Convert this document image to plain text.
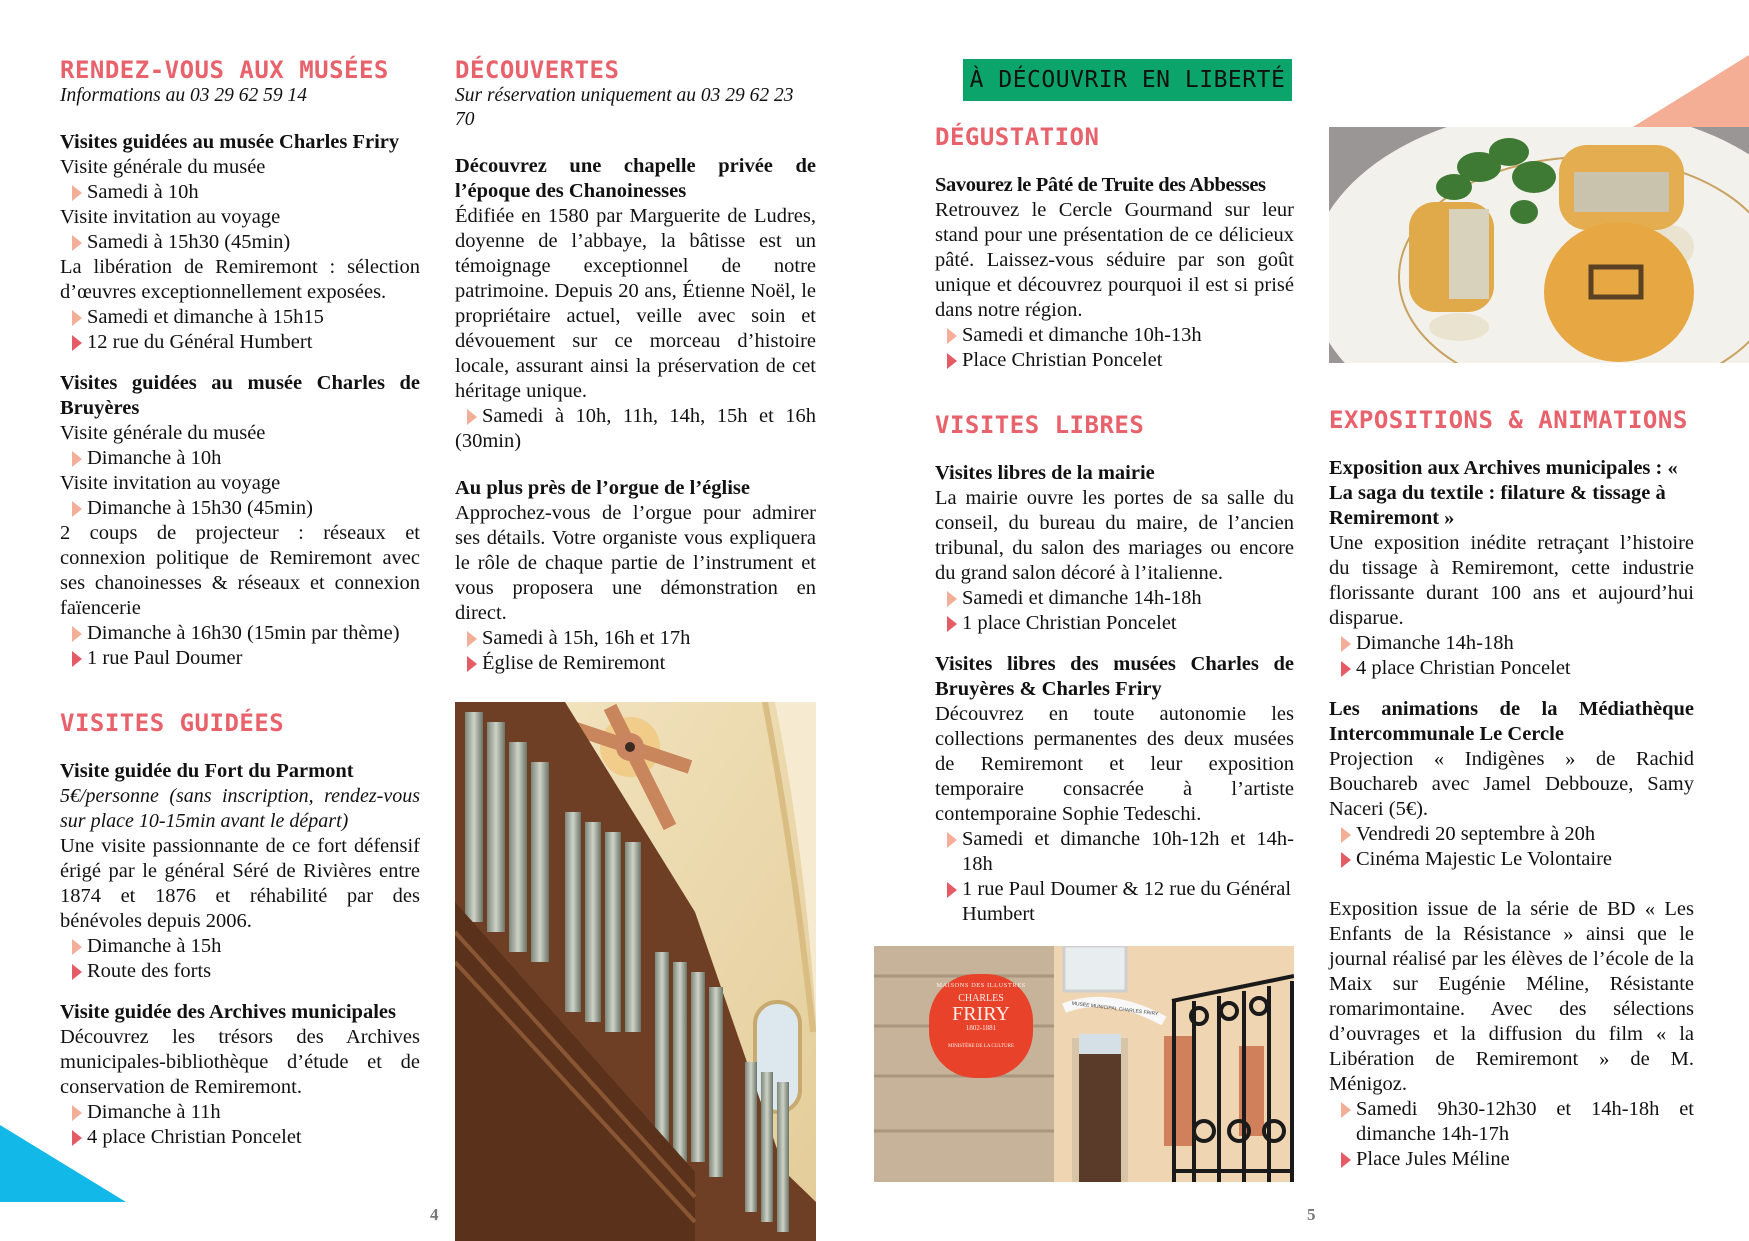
RENDEZ-VOUS AUX MUSÉES
Informations au 03 29 62 59 14
Visites guidées au musée Charles Friry
Visite générale du musée
Samedi à 10h
Visite invitation au voyage
Samedi à 15h30 (45min)
La libération de Remiremont : sélection d’œuvres exceptionnellement exposées.
Samedi et dimanche à 15h15
12 rue du Général Humbert
Visites guidées au musée Charles de Bruyères
Visite générale du musée
Dimanche à 10h
Visite invitation au voyage
Dimanche à 15h30 (45min)
2 coups de projecteur : réseaux et connexion politique de Remiremont avec ses chanoinesses & réseaux et connexion faïencerie
Dimanche à 16h30 (15min par thème)
1 rue Paul Doumer
VISITES GUIDÉES
Visite guidée du Fort du Parmont
5€/personne (sans inscription, rendez-vous sur place 10-15min avant le départ)
Une visite passionnante de ce fort défensif érigé par le général Séré de Rivières entre 1874 et 1876 et réhabilité par des bénévoles depuis 2006.
Dimanche à 15h
Route des forts
Visite guidée des Archives municipales
Découvrez les trésors des Archives municipales-bibliothèque d’étude et de conservation de Remiremont.
Dimanche à 11h
4 place Christian Poncelet
DÉCOUVERTES
Sur réservation uniquement au 03 29 62 23 70
Découvrez une chapelle privée de l’époque des Chanoinesses
Édifiée en 1580 par Marguerite de Ludres, doyenne de l’abbaye, la bâtisse est un témoignage exceptionnel de notre patrimoine. Depuis 20 ans, Étienne Noël, le propriétaire actuel, veille avec soin et dévouement sur ce morceau d’histoire locale, assurant ainsi la préservation de cet héritage unique.
Samedi à 10h, 11h, 14h, 15h et 16h (30min)
Au plus près de l’orgue de l’église
Approchez-vous de l’orgue pour admirer ses détails. Votre organiste vous expliquera le rôle de chaque partie de l’instrument et vous proposera une démonstration en direct.
Samedi à 15h, 16h et 17h
Église de Remiremont
4
À DÉCOUVRIR EN LIBERTÉ
DÉGUSTATION
Savourez le Pâté de Truite des Abbesses
Retrouvez le Cercle Gourmand sur leur stand pour une présentation de ce délicieux pâté. Laissez-vous séduire par son goût unique et découvrez pourquoi il est si prisé dans notre région.
Samedi et dimanche 10h-13h
Place Christian Poncelet
VISITES LIBRES
Visites libres de la mairie
La mairie ouvre les portes de sa salle du conseil, du bureau du maire, de l’ancien tribunal, du salon des mariages ou encore du grand salon décoré à l’italienne.
Samedi et dimanche 14h-18h
1 place Christian Poncelet
Visites libres des musées Charles de Bruyères & Charles Friry
Découvrez en toute autonomie les collections permanentes des deux musées de Remiremont et leur exposition temporaire consacrée à l’artiste contemporaine Sophie Tedeschi.
Samedi et dimanche 10h-12h et 14h-18h
1 rue Paul Doumer & 12 rue du Général Humbert
EXPOSITIONS & ANIMATIONS
Exposition aux Archives municipales : « La saga du textile : filature & tissage à Remiremont »
Une exposition inédite retraçant l’histoire du tissage à Remiremont, cette industrie florissante durant 100 ans et aujourd’hui disparue.
Dimanche 14h-18h
4 place Christian Poncelet
Les animations de la Médiathèque Intercommunale Le Cercle
Projection « Indigènes » de Rachid Bouchareb avec Jamel Debbouze, Samy Naceri (5€).
Vendredi 20 septembre à 20h
Cinéma Majestic Le Volontaire
Exposition issue de la série de BD « Les Enfants de la Résistance » ainsi que le journal réalisé par les élèves de l’école de la Maix sur Eugénie Méline, Résistante romarimontaine. Avec des sélections d’ouvrages et la diffusion du film « la Libération de Remiremont » de M. Ménigoz.
Samedi 9h30-12h30 et 14h-18h et dimanche 14h-17h
Place Jules Méline
MAISONS DES ILLUSTRES
CHARLES
FRIRY
1802-1881
MINISTÈRE DE LA CULTURE
MUSÉE MUNICIPAL CHARLES FRIRY
5
